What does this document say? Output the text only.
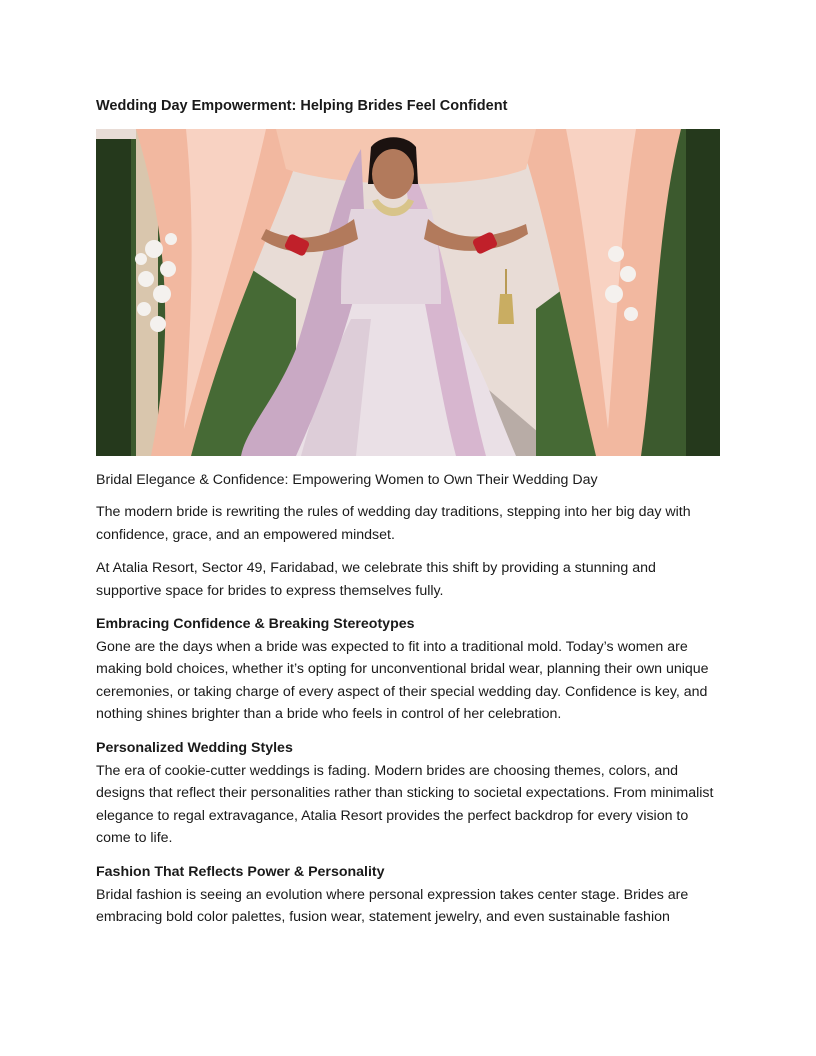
Wedding Day Empowerment: Helping Brides Feel Confident

Bridal Elegance & Confidence: Empowering Women to Own Their Wedding Day

The modern bride is rewriting the rules of wedding day traditions, stepping into her big day with confidence, grace, and an empowered mindset.

At Atalia Resort, Sector 49, Faridabad, we celebrate this shift by providing a stunning and supportive space for brides to express themselves fully.

Embracing Confidence & Breaking Stereotypes
Gone are the days when a bride was expected to fit into a traditional mold. Today’s women are making bold choices, whether it’s opting for unconventional bridal wear, planning their own unique ceremonies, or taking charge of every aspect of their special wedding day. Confidence is key, and nothing shines brighter than a bride who feels in control of her celebration.
Personalized Wedding Styles
The era of cookie-cutter weddings is fading. Modern brides are choosing themes, colors, and designs that reflect their personalities rather than sticking to societal expectations. From minimalist elegance to regal extravagance, Atalia Resort provides the perfect backdrop for every vision to come to life.
Fashion That Reflects Power & Personality
Bridal fashion is seeing an evolution where personal expression takes center stage. Brides are embracing bold color palettes, fusion wear, statement jewelry, and even sustainable fashion
